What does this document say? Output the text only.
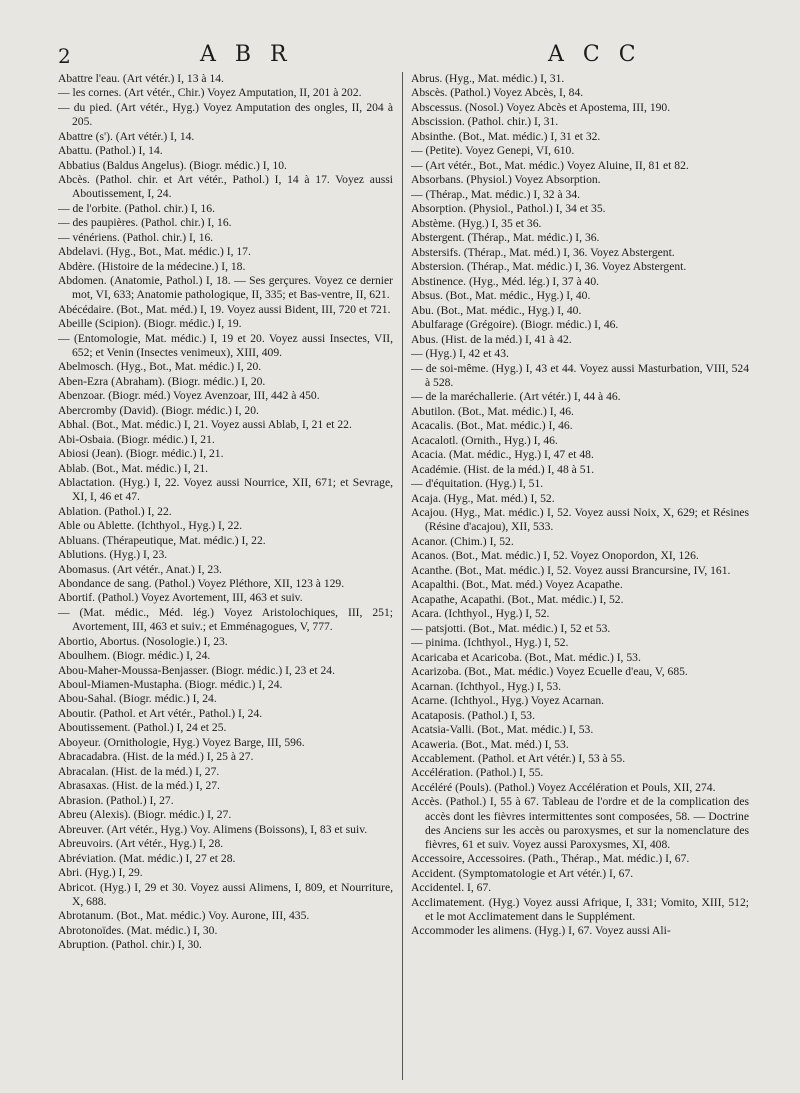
2	A B R	A C C
Abattre l'eau. (Art vétér.) I, 13 à 14.
— les cornes. (Art vétér., Chir.) Voyez Amputation, II, 201 à 202.
— du pied. (Art vétér., Hyg.) Voyez Amputation des ongles, II, 204 à 205.
Abattre (s'). (Art vétér.) I, 14.
Abattu. (Pathol.) I, 14.
Abbatius (Baldus Angelus). (Biogr. médic.) I, 10.
Abcès. (Pathol. chir. et Art vétér., Pathol.) I, 14 à 17. Voyez aussi Aboutissement, I, 24.
— de l'orbite. (Pathol. chir.) I, 16.
— des paupières. (Pathol. chir.) I, 16.
— vénériens. (Pathol. chir.) I, 16.
Abdelavi. (Hyg., Bot., Mat. médic.) I, 17.
Abdère. (Histoire de la médecine.) I, 18.
Abdomen. (Anatomie, Pathol.) I, 18. — Ses gerçures. Voyez ce dernier mot, VI, 633; Anatomie pathologique, II, 335; et Bas-ventre, II, 621.
Abécédaire. (Bot., Mat. méd.) I, 19. Voyez aussi Bident, III, 720 et 721.
Abeille (Scipion). (Biogr. médic.) I, 19.
— (Entomologie, Mat. médic.) I, 19 et 20. Voyez aussi Insectes, VII, 652; et Venin (Insectes venimeux), XIII, 409.
Abelmosch. (Hyg., Bot., Mat. médic.) I, 20.
Aben-Ezra (Abraham). (Biogr. médic.) I, 20.
Abenzoar. (Biogr. méd.) Voyez Avenzoar, III, 442 à 450.
Abercromby (David). (Biogr. médic.) I, 20.
Abhal. (Bot., Mat. médic.) I, 21. Voyez aussi Ablab, I, 21 et 22.
Abi-Osbaia. (Biogr. médic.) I, 21.
Abiosi (Jean). (Biogr. médic.) I, 21.
Ablab. (Bot., Mat. médic.) I, 21.
Ablactation. (Hyg.) I, 22. Voyez aussi Nourrice, XII, 671; et Sevrage, XI, I, 46 et 47.
Ablation. (Pathol.) I, 22.
Able ou Ablette. (Ichthyol., Hyg.) I, 22.
Abluans. (Thérapeutique, Mat. médic.) I, 22.
Ablutions. (Hyg.) I, 23.
Abomasus. (Art vétér., Anat.) I, 23.
Abondance de sang. (Pathol.) Voyez Pléthore, XII, 123 à 129.
Abortif. (Pathol.) Voyez Avortement, III, 463 et suiv.
— (Mat. médic., Méd. lég.) Voyez Aristolochiques, III, 251; Avortement, III, 463 et suiv.; et Emménagogues, V, 777.
Abortio, Abortus. (Nosologie.) I, 23.
Aboulhem. (Biogr. médic.) I, 24.
Abou-Maher-Moussa-Benjasser. (Biogr. médic.) I, 23 et 24.
Aboul-Miamen-Mustapha. (Biogr. médic.) I, 24.
Abou-Sahal. (Biogr. médic.) I, 24.
Aboutir. (Pathol. et Art vétér., Pathol.) I, 24.
Aboutissement. (Pathol.) I, 24 et 25.
Aboyeur. (Ornithologie, Hyg.) Voyez Barge, III, 596.
Abracadabra. (Hist. de la méd.) I, 25 à 27.
Abracalan. (Hist. de la méd.) I, 27.
Abrasaxas. (Hist. de la méd.) I, 27.
Abrasion. (Pathol.) I, 27.
Abreu (Alexis). (Biogr. médic.) I, 27.
Abreuver. (Art vétér., Hyg.) Voy. Alimens (Boissons), I, 83 et suiv.
Abreuvoirs. (Art vétér., Hyg.) I, 28.
Abréviation. (Mat. médic.) I, 27 et 28.
Abri. (Hyg.) I, 29.
Abricot. (Hyg.) I, 29 et 30. Voyez aussi Alimens, I, 809, et Nourriture, X, 688.
Abrotanum. (Bot., Mat. médic.) Voy. Aurone, III, 435.
Abrotonoïdes. (Mat. médic.) I, 30.
Abruption. (Pathol. chir.) I, 30.
Abrus. (Hyg., Mat. médic.) I, 31.
Abscès. (Pathol.) Voyez Abcès, I, 84.
Abscessus. (Nosol.) Voyez Abcès et Apostema, III, 190.
Abscission. (Pathol. chir.) I, 31.
Absinthe. (Bot., Mat. médic.) I, 31 et 32.
— (Petite). Voyez Genepi, VI, 610.
— (Art vétér., Bot., Mat. médic.) Voyez Aluine, II, 81 et 82.
Absorbans. (Physiol.) Voyez Absorption.
— (Thérap., Mat. médic.) I, 32 à 34.
Absorption. (Physiol., Pathol.) I, 34 et 35.
Abstème. (Hyg.) I, 35 et 36.
Abstergent. (Thérap., Mat. médic.) I, 36.
Abstersifs. (Thérap., Mat. méd.) I, 36. Voyez Abstergent.
Abstersion. (Thérap., Mat. médic.) I, 36. Voyez Abstergent.
Abstinence. (Hyg., Méd. lég.) I, 37 à 40.
Absus. (Bot., Mat. médic., Hyg.) I, 40.
Abu. (Bot., Mat. médic., Hyg.) I, 40.
Abulfarage (Grégoire). (Biogr. médic.) I, 46.
Abus. (Hist. de la méd.) I, 41 à 42.
— (Hyg.) I, 42 et 43.
— de soi-même. (Hyg.) I, 43 et 44. Voyez aussi Masturbation, VIII, 524 à 528.
— de la maréchallerie. (Art vétér.) I, 44 à 46.
Abutilon. (Bot., Mat. médic.) I, 46.
Acacalis. (Bot., Mat. médic.) I, 46.
Acacalotl. (Ornith., Hyg.) I, 46.
Acacia. (Mat. médic., Hyg.) I, 47 et 48.
Académie. (Hist. de la méd.) I, 48 à 51.
— d'équitation. (Hyg.) I, 51.
Acaja. (Hyg., Mat. méd.) I, 52.
Acajou. (Hyg., Mat. médic.) I, 52. Voyez aussi Noix, X, 629; et Résines (Résine d'acajou), XII, 533.
Acanor. (Chim.) I, 52.
Acanos. (Bot., Mat. médic.) I, 52. Voyez Onopordon, XI, 126.
Acanthe. (Bot., Mat. médic.) I, 52. Voyez aussi Brancursine, IV, 161.
Acapalthi. (Bot., Mat. méd.) Voyez Acapathe.
Acapathe, Acapathi. (Bot., Mat. médic.) I, 52.
Acara. (Ichthyol., Hyg.) I, 52.
— patsjotti. (Bot., Mat. médic.) I, 52 et 53.
— pinima. (Ichthyol., Hyg.) I, 52.
Acaricaba et Acaricoba. (Bot., Mat. médic.) I, 53.
Acarizoba. (Bot., Mat. médic.) Voyez Ecuelle d'eau, V, 685.
Acarnan. (Ichthyol., Hyg.) I, 53.
Acarne. (Ichthyol., Hyg.) Voyez Acarnan.
Acataposis. (Pathol.) I, 53.
Acatsia-Valli. (Bot., Mat. médic.) I, 53.
Acaweria. (Bot., Mat. méd.) I, 53.
Accablement. (Pathol. et Art vétér.) I, 53 à 55.
Accélération. (Pathol.) I, 55.
Accéléré (Pouls). (Pathol.) Voyez Accélération et Pouls, XII, 274.
Accès. (Pathol.) I, 55 à 67. Tableau de l'ordre et de la complication des accès dont les fièvres intermittentes sont composées, 58. — Doctrine des Anciens sur les accès ou paroxysmes, et sur la nomenclature des fièvres, 61 et suiv. Voyez aussi Paroxysmes, XI, 408.
Accessoire, Accessoires. (Path., Thérap., Mat. médic.) I, 67.
Accident. (Symptomatologie et Art vétér.) I, 67.
Accidentel. I, 67.
Acclimatement. (Hyg.) Voyez aussi Afrique, I, 331; Vomito, XIII, 512; et le mot Acclimatement dans le Supplément.
Accommoder les alimens. (Hyg.) I, 67. Voyez aussi Ali-
